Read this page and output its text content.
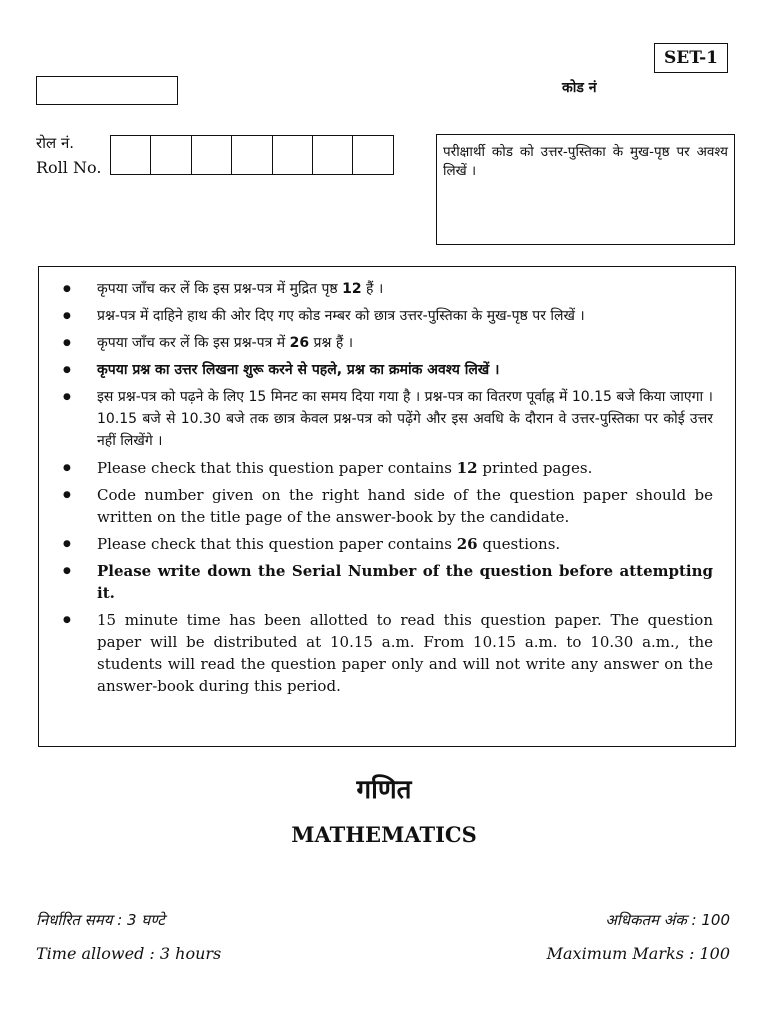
SET-1
कोड नं
रोल नं.
Roll No.
परीक्षार्थी कोड को उत्तर-पुस्तिका के मुख-पृष्ठ पर अवश्य लिखें ।
●	कृपया जाँच कर लें कि इस प्रश्न-पत्र में मुद्रित पृष्ठ 12 हैं ।
●	प्रश्न-पत्र में दाहिने हाथ की ओर दिए गए कोड नम्बर को छात्र उत्तर-पुस्तिका के मुख-पृष्ठ पर लिखें ।
●	कृपया जाँच कर लें कि इस प्रश्न-पत्र में 26 प्रश्न हैं ।
●	कृपया प्रश्न का उत्तर लिखना शुरू करने से पहले, प्रश्न का क्रमांक अवश्य लिखें ।
●	इस प्रश्न-पत्र को पढ़ने के लिए 15 मिनट का समय दिया गया है । प्रश्न-पत्र का वितरण पूर्वाह्न में 10.15 बजे किया जाएगा । 10.15 बजे से 10.30 बजे तक छात्र केवल प्रश्न-पत्र को पढ़ेंगे और इस अवधि के दौरान वे उत्तर-पुस्तिका पर कोई उत्तर नहीं लिखेंगे ।
●	Please check that this question paper contains 12 printed pages.
●	Code number given on the right hand side of the question paper should be written on the title page of the answer-book by the candidate.
●	Please check that this question paper contains 26 questions.
●	Please write down the Serial Number of the question before attempting it.
●	15 minute time has been allotted to read this question paper. The question paper will be distributed at 10.15 a.m. From 10.15 a.m. to 10.30 a.m., the students will read the question paper only and will not write any answer on the answer-book during this period.
गणित
MATHEMATICS
निर्धारित समय : 3 घण्टे
Time allowed : 3 hours
अधिकतम अंक : 100
Maximum Marks : 100
